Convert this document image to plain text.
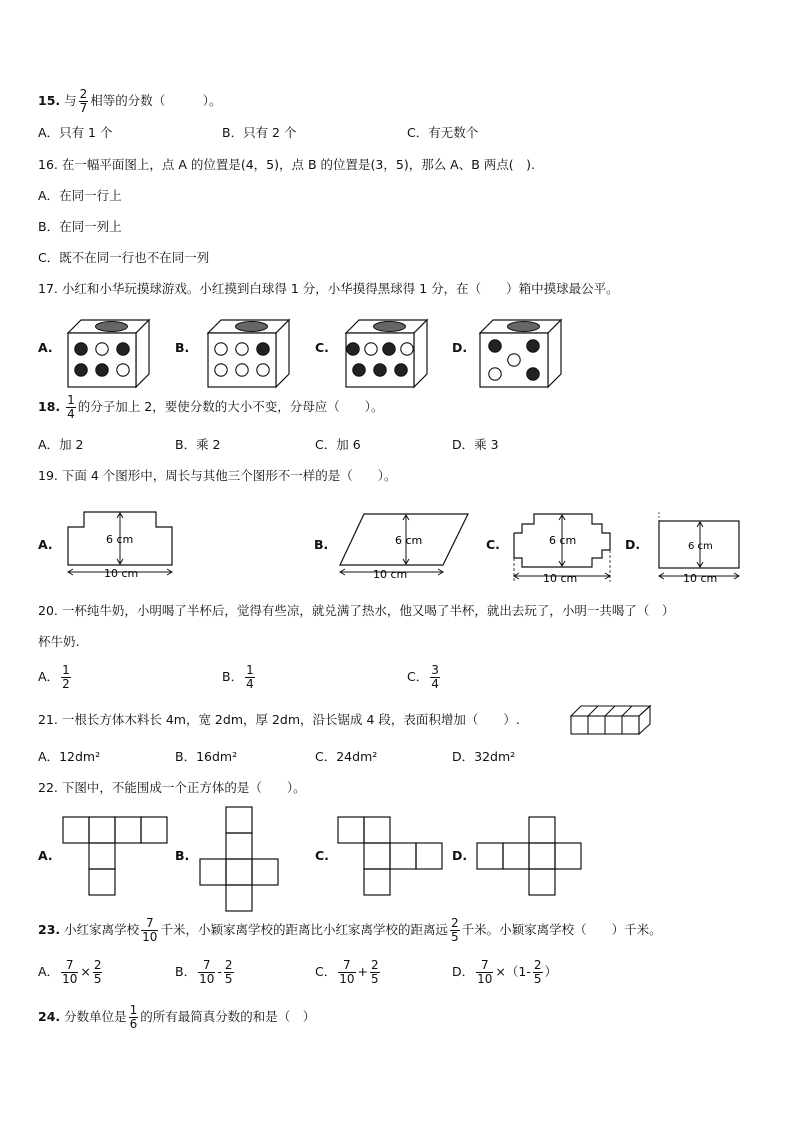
15. 与 $\frac{2}{7}$ 相等的分数（　　　）。
A．只有 1 个	B．只有 2 个	C．有无数个
16. 在一幅平面图上，点 A 的位置是(4，5)，点 B 的位置是(3，5)，那么 A、B 两点(　).
A．在同一行上
B．在同一列上
C．既不在同一行也不在同一列
17. 小红和小华玩摸球游戏。小红摸到白球得 1 分，小华摸得黑球得 1 分，在（　　）箱中摸球最公平。
A.	B.	C.	D.
6 cm
10 cm
6 cm
10 cm
6 cm
10 cm
6 cm
10 cm
18. $\frac{1}{4}$ 的分子加上 2，要使分数的大小不变，分母应（　　）。
A．加 2	B．乘 2	C．加 6	D．乘 3
19. 下面 4 个图形中，周长与其他三个图形不一样的是（　　）。
A.	B.	C.	D.
20. 一杯纯牛奶，小明喝了半杯后，觉得有些凉，就兑满了热水，他又喝了半杯，就出去玩了，小明一共喝了（　）
杯牛奶.
A． $\frac{1}{2}$	B． $\frac{1}{4}$	C． $\frac{3}{4}$
21. 一根长方体木料长 4m，宽 2dm，厚 2dm，沿长锯成 4 段，表面积增加（　　）.
A．12dm²	B．16dm²	C．24dm²	D．32dm²
22. 下图中，不能围成一个正方体的是（　　）。
A.	B.	C.	D.
23. 小红家离学校 $\frac{7}{10}$ 千米，小颖家离学校的距离比小红家离学校的距离远 $\frac{2}{5}$ 千米。小颖家离学校（　　）千米。
A． $\frac{7}{10} \times \frac{2}{5}$	B． $\frac{7}{10} - \frac{2}{5}$	C． $\frac{7}{10} + \frac{2}{5}$	D． $\frac{7}{10} \times(1- \frac{2}{5}$ ）
24. 分数单位是 $\frac{1}{6}$ 的所有最简真分数的和是（　）
